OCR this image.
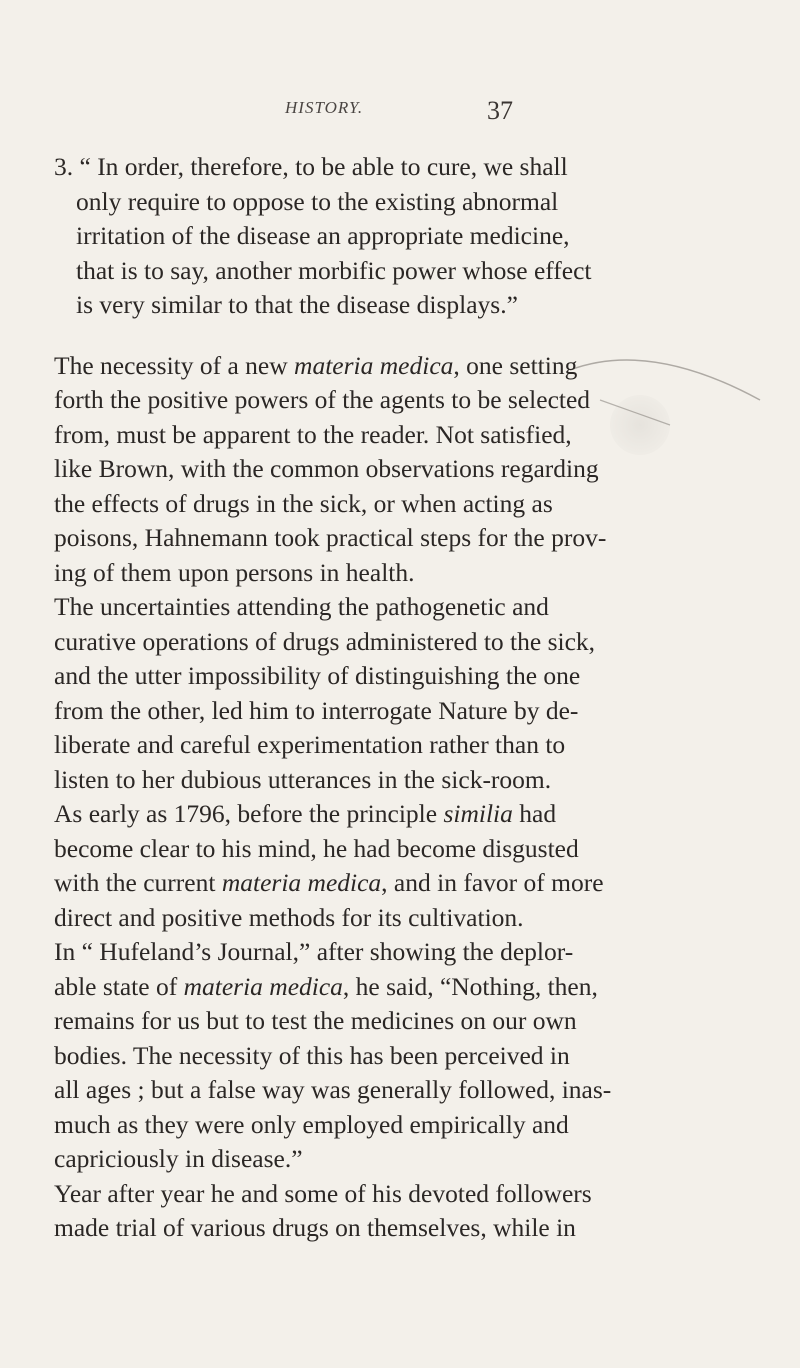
HISTORY.	37

3. “ In order, therefore, to be able to cure, we shall
only require to oppose to the existing abnormal
irritation of the disease an appropriate medicine,
that is to say, another morbific power whose effect
is very similar to that the disease displays.”

The necessity of a new materia medica, one setting
forth the positive powers of the agents to be selected
from, must be apparent to the reader. Not satisfied,
like Brown, with the common observations regarding
the effects of drugs in the sick, or when acting as
poisons, Hahnemann took practical steps for the prov-
ing of them upon persons in health.

The uncertainties attending the pathogenetic and
curative operations of drugs administered to the sick,
and the utter impossibility of distinguishing the one
from the other, led him to interrogate Nature by de-
liberate and careful experimentation rather than to
listen to her dubious utterances in the sick-room.

As early as 1796, before the principle similia had
become clear to his mind, he had become disgusted
with the current materia medica, and in favor of more
direct and positive methods for its cultivation.

In “ Hufeland’s Journal,” after showing the deplor-
able state of materia medica, he said, “Nothing, then,
remains for us but to test the medicines on our own
bodies. The necessity of this has been perceived in
all ages ; but a false way was generally followed, inas-
much as they were only employed empirically and
capriciously in disease.”

Year after year he and some of his devoted followers
made trial of various drugs on themselves, while in
